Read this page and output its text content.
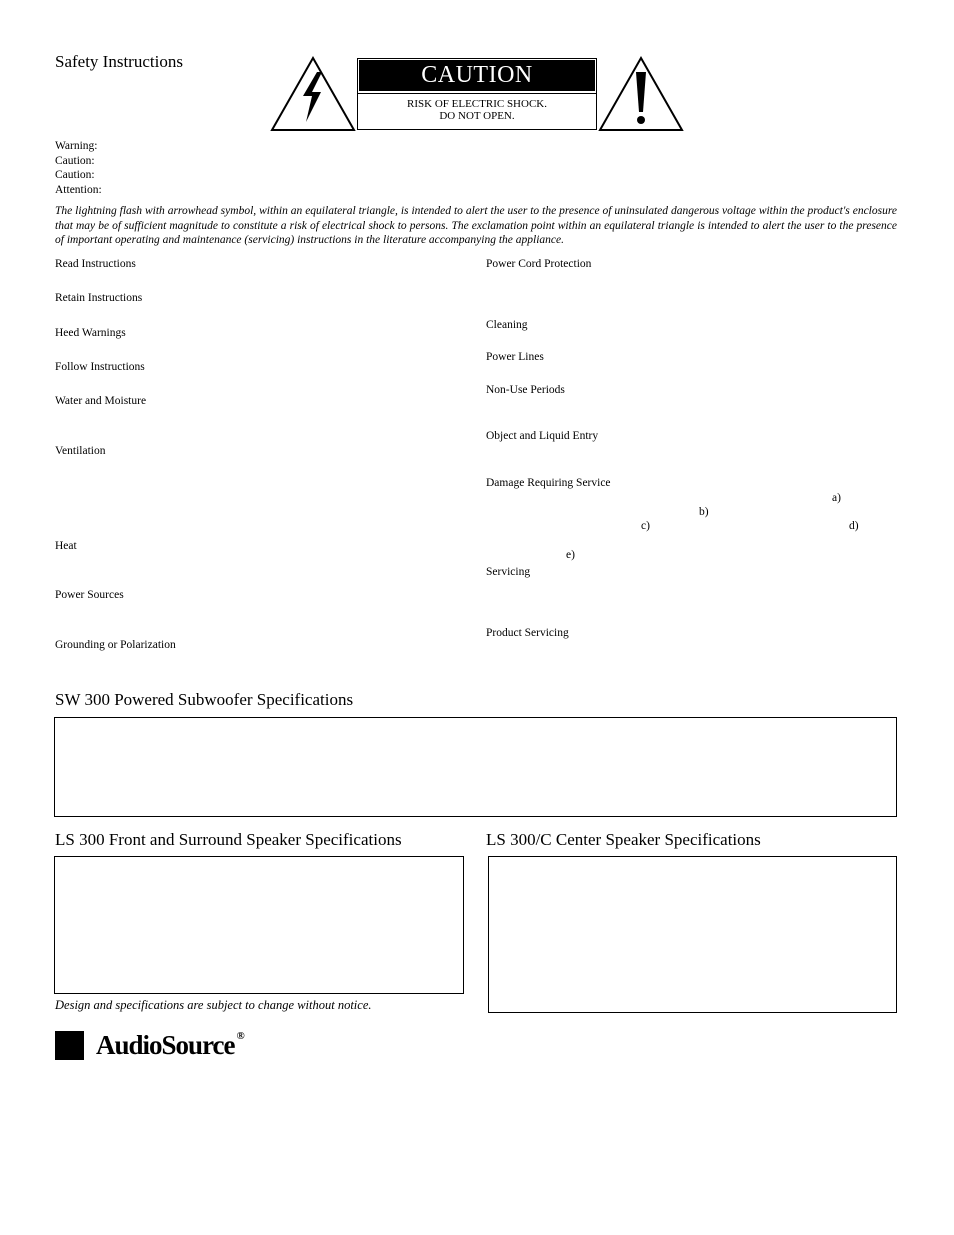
Safety Instructions
CAUTION
RISK OF ELECTRIC SHOCK.
DO NOT OPEN.
Warning:
Caution:
Caution:
Attention:
The lightning flash with arrowhead symbol, within an equilateral triangle, is intended to alert the user to the presence of uninsulated dangerous voltage within the product's enclosure that may be of sufficient magnitude to constitute a risk of electrical shock to persons. The exclamation point within an equilateral triangle is intended to alert the user to the presence of important operating and maintenance (servicing) instructions in the literature accompanying the appliance.
Read Instructions
Retain Instructions
Heed Warnings
Follow Instructions
Water and Moisture
Ventilation
Heat
Power Sources
Grounding or Polarization
Power Cord Protection
Cleaning
Power Lines
Non-Use Periods
Object and Liquid Entry
Damage Requiring Service
a)
b)
c)	d)
e)
Servicing
Product Servicing
SW 300 Powered Subwoofer Specifications
LS 300 Front and Surround Speaker Specifications	LS 300/C Center Speaker Specifications
Design and specifications are subject to change without notice.
AudioSource ®
